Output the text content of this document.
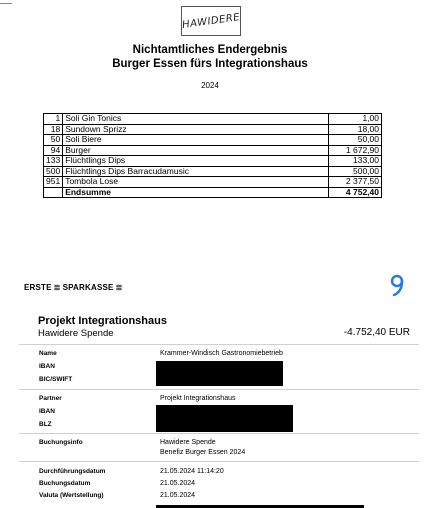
HAWIDERE
Nichtamtliches Endergebnis
Burger Essen fürs Integrationshaus
2024
1	Soli Gin Tonics	1,00
18	Sundown Sprizz	18,00
50	Soli Biere	50,00
94	Burger	1 672,90
133	Flüchtlings Dips	133,00
500	Flüchtlings Dips Barracudamusic	500,00
951	Tombola Lose	2 377,50
	Endsumme	4 752,40
ERSTE ≣ SPARKASSE ≣
Projekt Integrationshaus
Hawidere Spende	-4.752,40 EUR
Name	Krammer-Windisch Gastronomiebetrieb
IBAN
BIC/SWIFT
Partner	Projekt Integrationshaus
IBAN
BLZ
Buchungsinfo	Hawidere Spende
Benefiz Burger Essen 2024
Durchführungsdatum	21.05.2024 11:14:20
Buchungsdatum	21.05.2024
Valuta (Wertstellung)	21.05.2024
